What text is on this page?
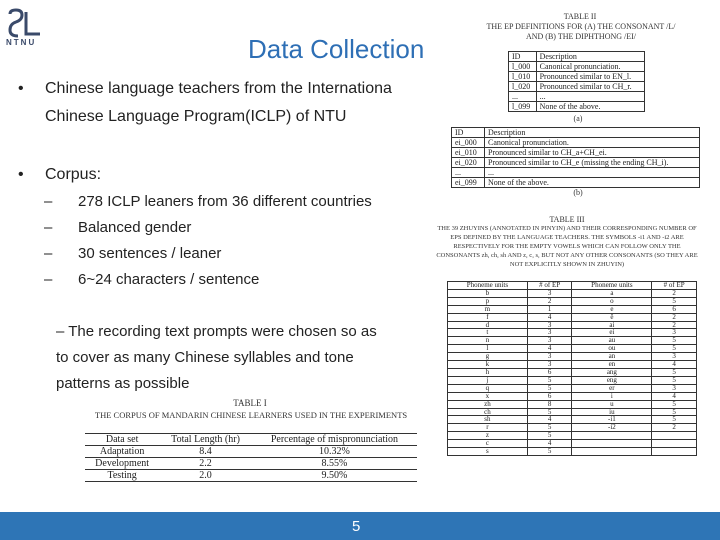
NTNU	Data Collection
• Chinese language teachers from the Internationa
Chinese Language Program(ICLP) of NTU
• Corpus:
– 278 ICLP leaners from 36 different countries
– Balanced gender
– 30 sentences / leaner
– 6~24 characters / sentence
– The recording text prompts were chosen so as
to cover as many Chinese syllables and tone
patterns as possible
TABLE II
THE EP DEFINITIONS FOR (A) THE CONSONANT /L/ AND (B) THE DIPHTHONG /EI/
ID	Description
l_000	Canonical pronunciation.
l_010	Pronounced similar to EN_l.
l_020	Pronounced similar to CH_r.
...	...
l_099	None of the above.
(a)
ID	Description
ei_000	Canonical pronunciation.
ei_010	Pronounced similar to CH_a+CH_ei.
ei_020	Pronounced similar to CH_e (missing the ending CH_i).
...	...
ei_099	None of the above.
(b)
TABLE III
THE 39 ZHUYINS (ANNOTATED IN PINYIN) AND THEIR CORRESPONDING NUMBER OF EPS DEFINED BY THE LANGUAGE TEACHERS. THE SYMBOLS -i1 AND -i2 ARE RESPECTIVELY FOR THE EMPTY VOWELS WHICH CAN FOLLOW ONLY THE CONSONANTS zh, ch, sh AND z, c, s, BUT NOT ANY OTHER CONSONANTS (SO THEY ARE NOT EXPLICITLY SHOWN IN ZHUYIN)
Phoneme units	# of EP	Phoneme units	# of EP
b	3	a	2
p	2	o	5
m	1	e	6
f	4	ê	2
d	3	ai	2
t	3	ei	3
n	3	au	5
l	4	ou	5
g	3	an	3
k	3	en	4
h	6	ang	5
j	5	eng	5
q	5	er	3
x	6	i	4
zh	8	u	5
ch	5	iu	5
sh	4	-i1	5
r	5	-i2	2
z	5		
c	4		
s	5		
TABLE I
THE CORPUS OF MANDARIN CHINESE LEARNERS USED IN THE EXPERIMENTS
Data set	Total Length (hr)	Percentage of mispronunciation
Adaptation	8.4	10.32%
Development	2.2	8.55%
Testing	2.0	9.50%
5
